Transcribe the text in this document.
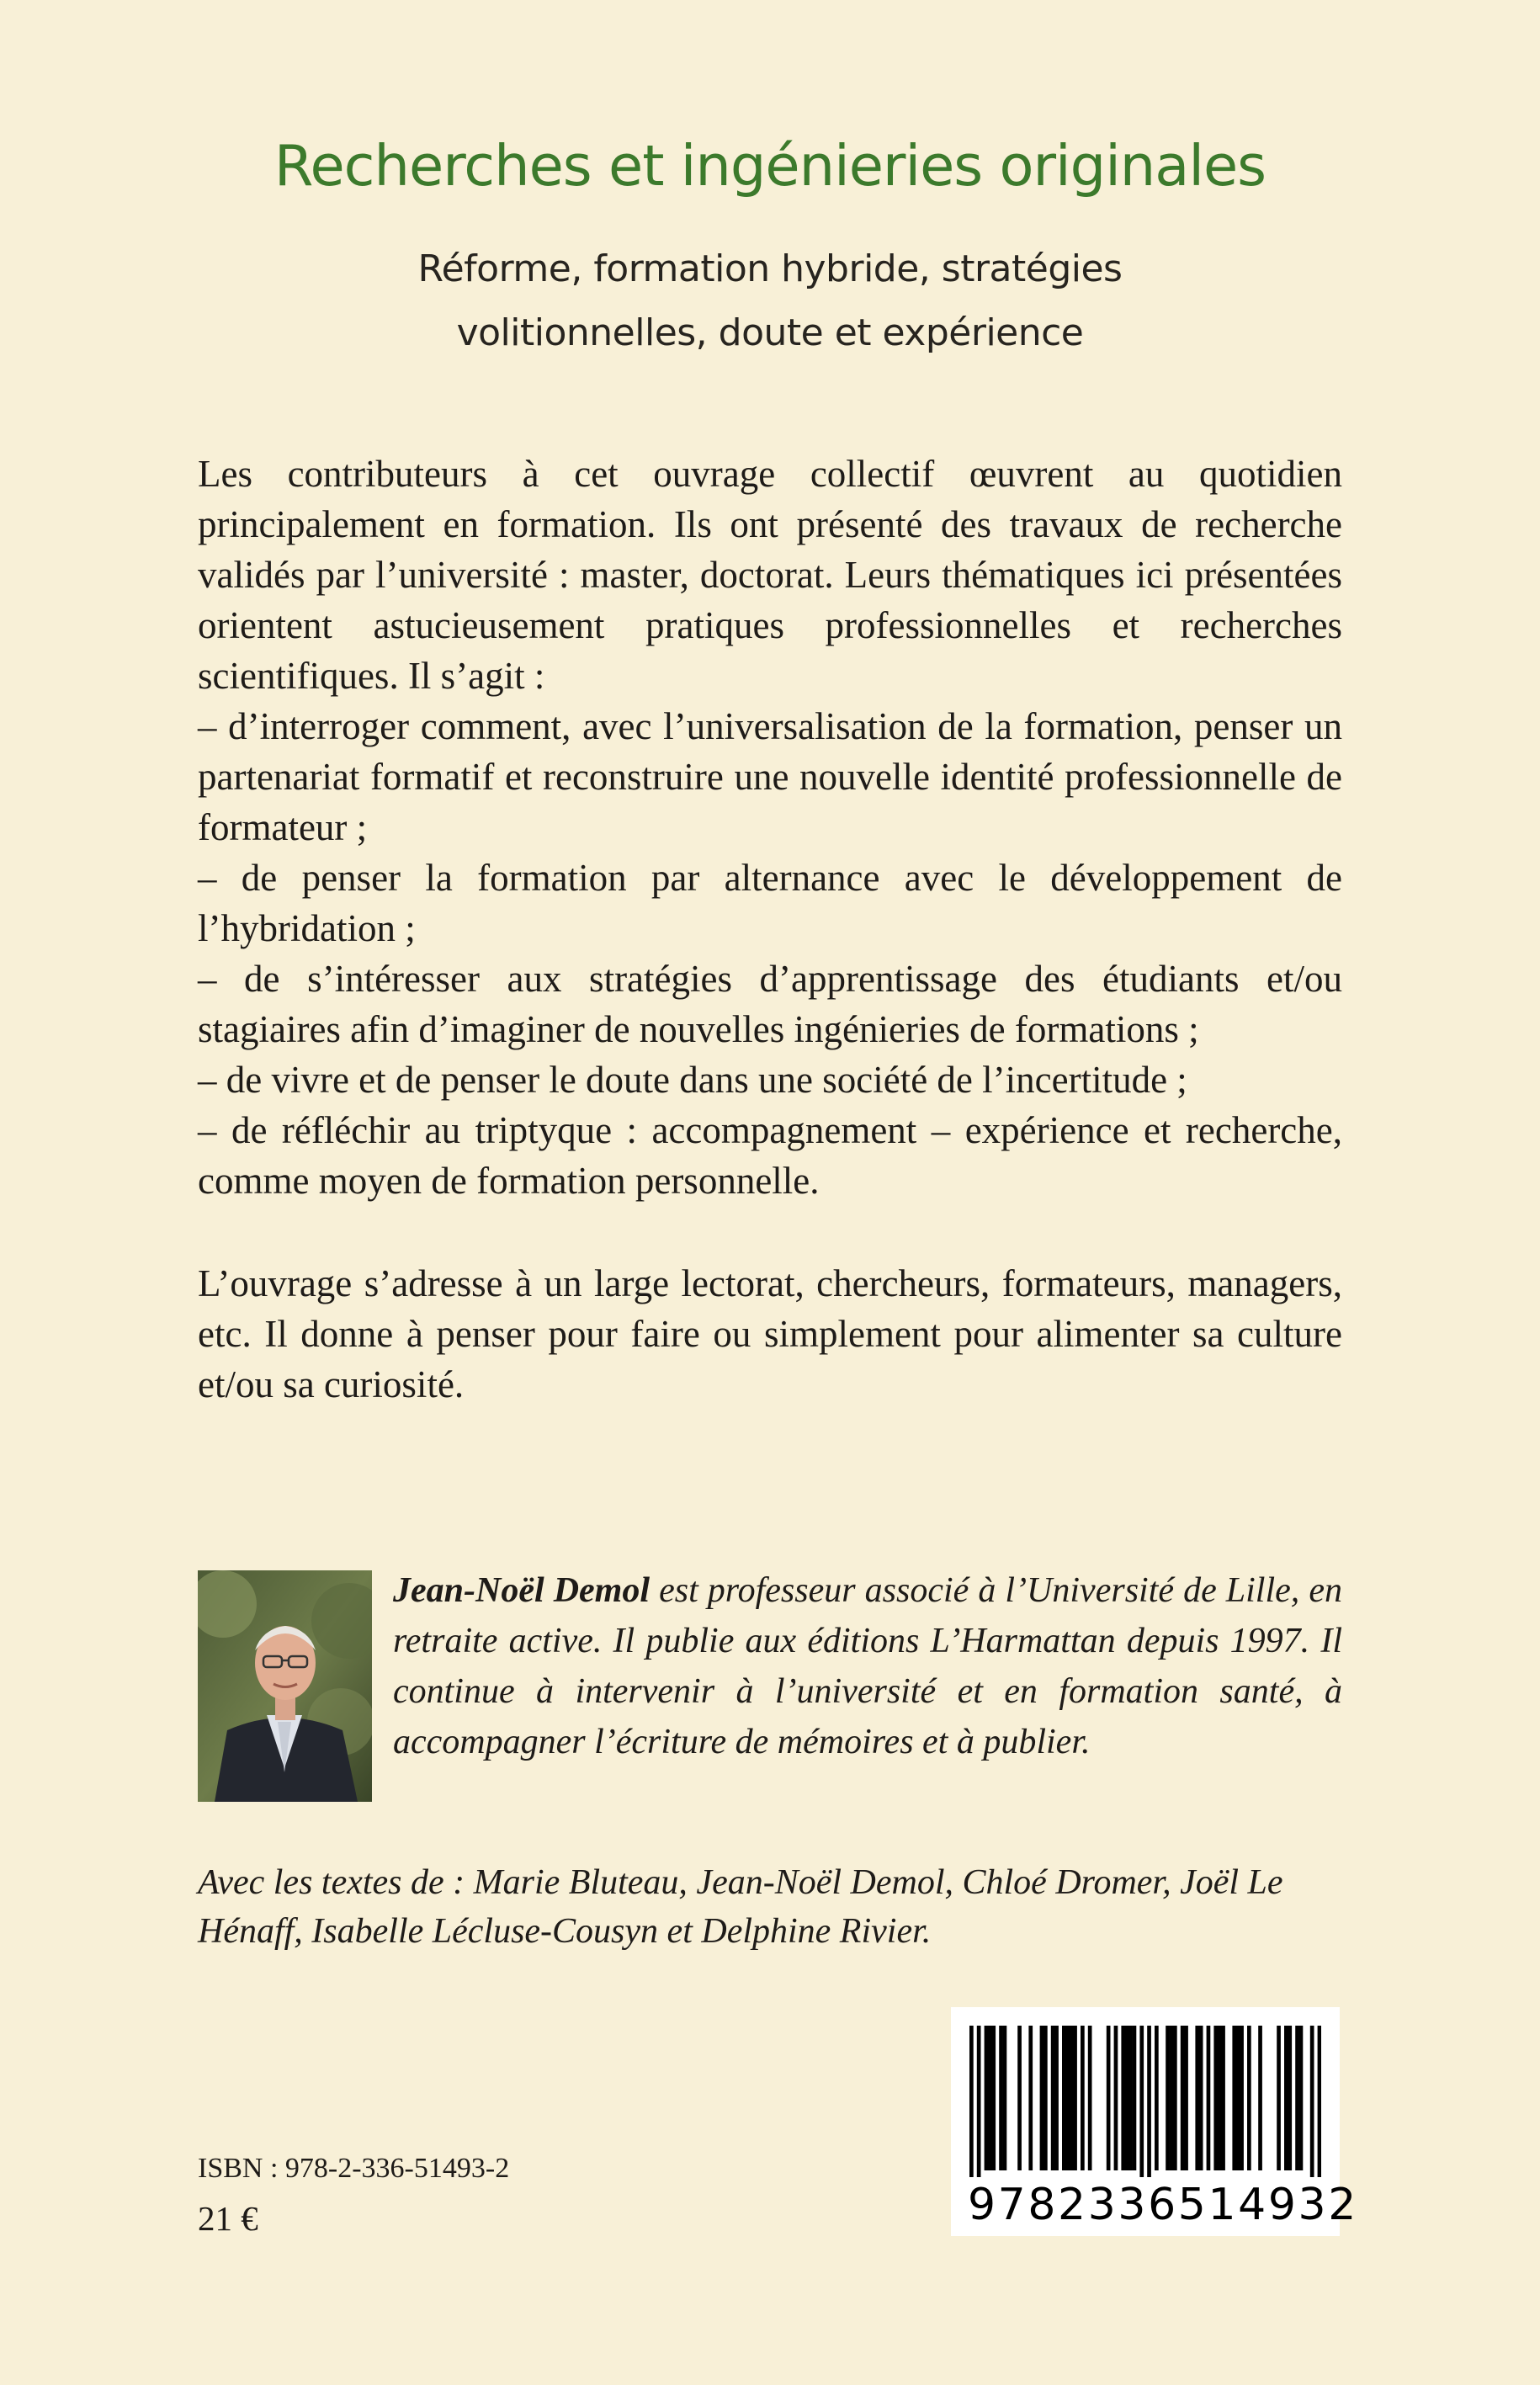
Recherches et ingénieries originales
Réforme, formation hybride, stratégies
volitionnelles, doute et expérience

Les contributeurs à cet ouvrage collectif œuvrent au quotidien principalement en formation. Ils ont présenté des travaux de recherche validés par l’université : master, doctorat. Leurs thématiques ici présentées orientent astucieusement pratiques professionnelles et recherches scientifiques. Il s’agit :

– d’interroger comment, avec l’universalisation de la formation, penser un partenariat formatif et reconstruire une nouvelle identité professionnelle de formateur ;

– de penser la formation par alternance avec le développement de l’hybridation ;

– de s’intéresser aux stratégies d’apprentissage des étudiants et/ou stagiaires afin d’imaginer de nouvelles ingénieries de formations ;

– de vivre et de penser le doute dans une société de l’incertitude ;

– de réfléchir au triptyque : accompagnement – expérience et recherche, comme moyen de formation personnelle.

L’ouvrage s’adresse à un large lectorat, chercheurs, formateurs, managers, etc. Il donne à penser pour faire ou simplement pour alimenter sa culture et/ou sa curiosité.

Jean-Noël Demol est professeur associé à l’Université de Lille, en retraite active. Il publie aux éditions L’Harmattan depuis 1997. Il continue à intervenir à l’université et en formation santé, à accompagner l’écriture de mémoires et à publier.
Avec les textes de : Marie Bluteau, Jean-Noël Demol, Chloé Dromer, Joël Le Hénaff, Isabelle Lécluse-Cousyn et Delphine Rivier.
ISBN : 978-2-336-51493-2
21 €	9782336514932
